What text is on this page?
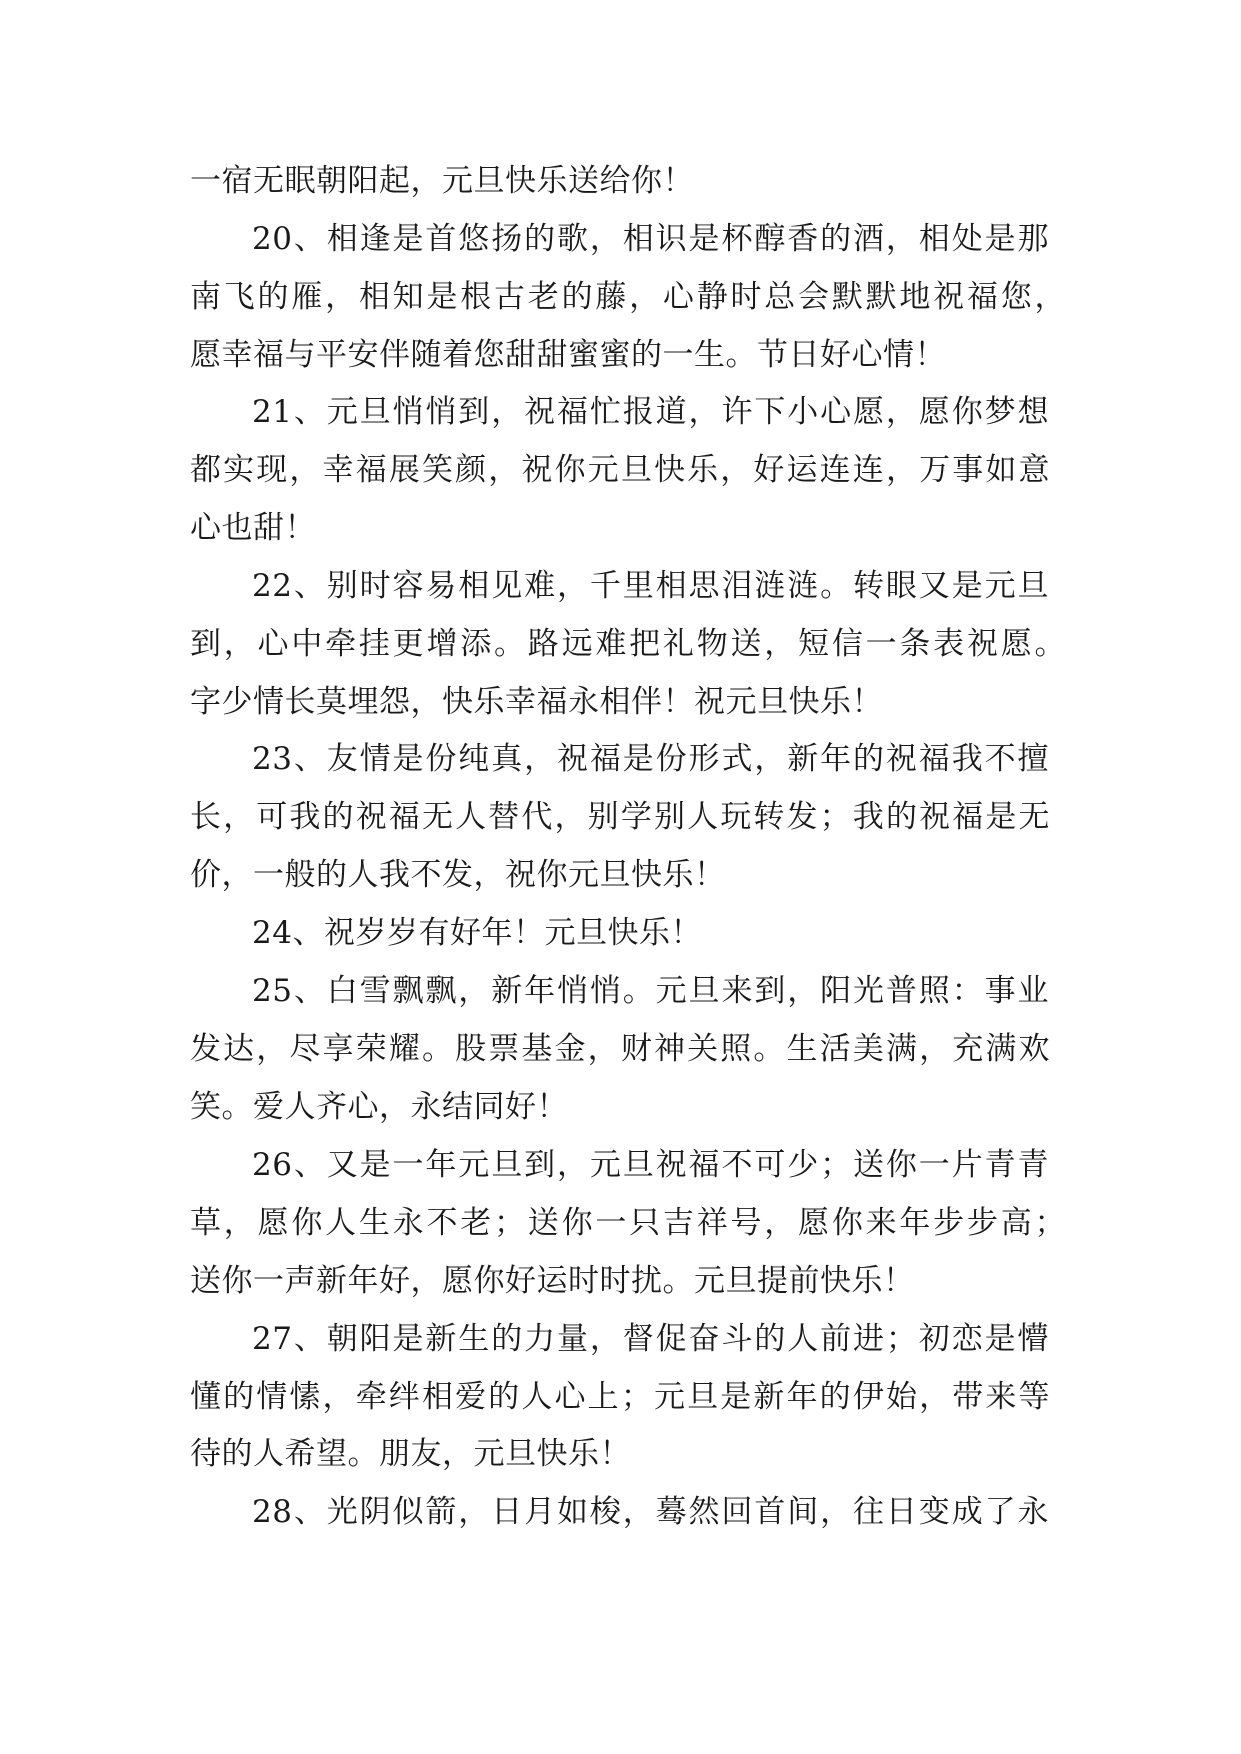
一宿无眠朝阳起，元旦快乐送给你！
20、相逢是首悠扬的歌，相识是杯醇香的酒，相处是那
南飞的雁，相知是根古老的藤，心静时总会默默地祝福您，
愿幸福与平安伴随着您甜甜蜜蜜的一生。节日好心情！
21、元旦悄悄到，祝福忙报道，许下小心愿，愿你梦想
都实现，幸福展笑颜，祝你元旦快乐，好运连连，万事如意
心也甜！
22、别时容易相见难，千里相思泪涟涟。转眼又是元旦
到，心中牵挂更增添。路远难把礼物送，短信一条表祝愿。
字少情长莫埋怨，快乐幸福永相伴！祝元旦快乐！
23、友情是份纯真，祝福是份形式，新年的祝福我不擅
长，可我的祝福无人替代，别学别人玩转发；我的祝福是无
价，一般的人我不发，祝你元旦快乐！
24、祝岁岁有好年！元旦快乐！
25、白雪飘飘，新年悄悄。元旦来到，阳光普照：事业
发达，尽享荣耀。股票基金，财神关照。生活美满，充满欢
笑。爱人齐心，永结同好！
26、又是一年元旦到，元旦祝福不可少；送你一片青青
草，愿你人生永不老；送你一只吉祥号，愿你来年步步高；
送你一声新年好，愿你好运时时扰。元旦提前快乐！
27、朝阳是新生的力量，督促奋斗的人前进；初恋是懵
懂的情愫，牵绊相爱的人心上；元旦是新年的伊始，带来等
待的人希望。朋友，元旦快乐！
28、光阴似箭，日月如梭，蓦然回首间，往日变成了永
